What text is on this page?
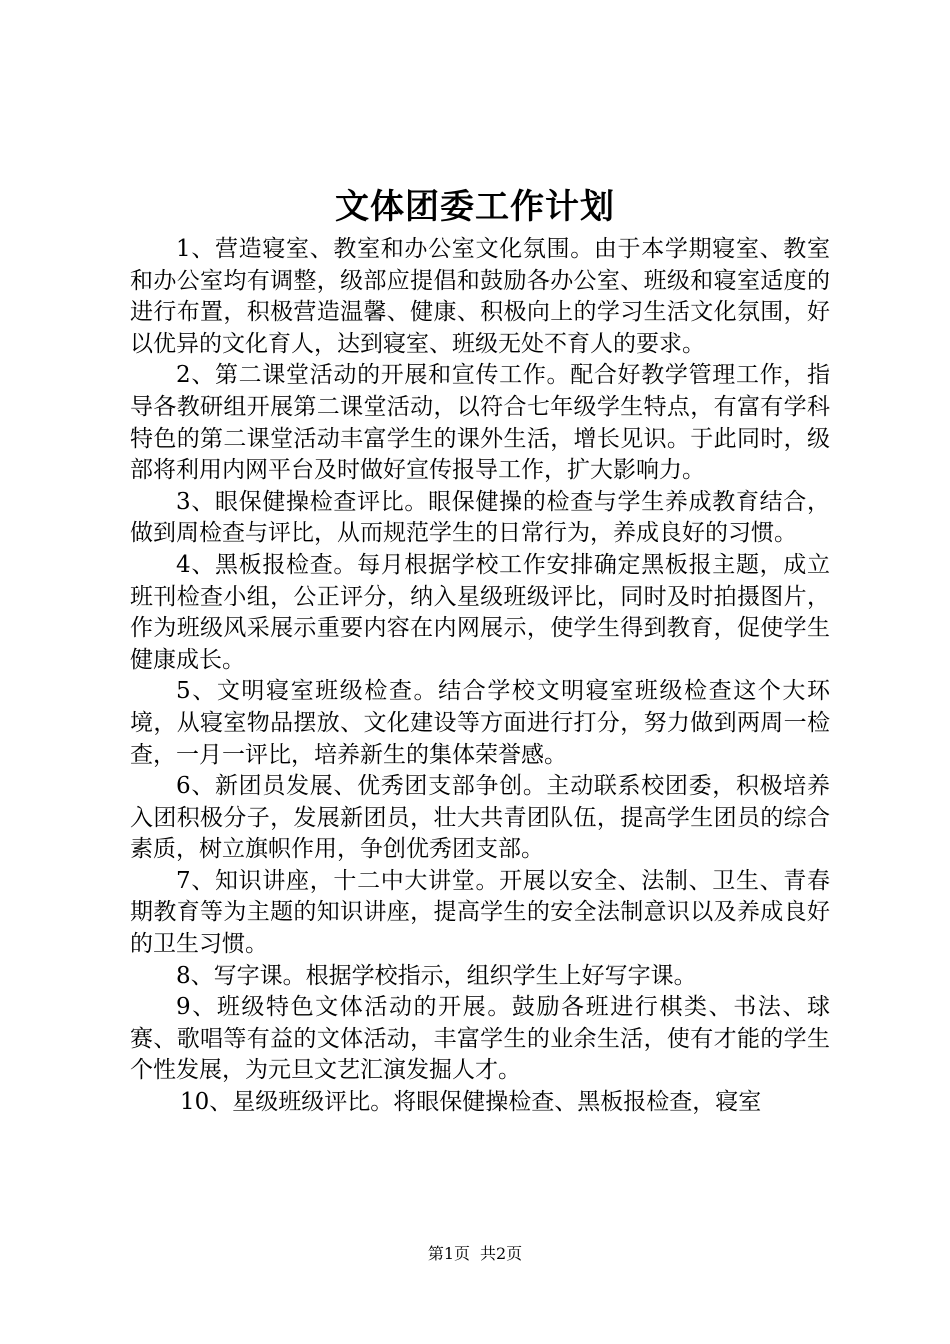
文体团委工作计划

1、营造寝室、教室和办公室文化氛围。由于本学期寝室、教室和办公室均有调整，级部应提倡和鼓励各办公室、班级和寝室适度的进行布置，积极营造温馨、健康、积极向上的学习生活文化氛围，好以优异的文化育人，达到寝室、班级无处不育人的要求。

2、第二课堂活动的开展和宣传工作。配合好教学管理工作，指导各教研组开展第二课堂活动，以符合七年级学生特点，有富有学科特色的第二课堂活动丰富学生的课外生活，增长见识。于此同时，级部将利用内网平台及时做好宣传报导工作，扩大影响力。

3、眼保健操检查评比。眼保健操的检查与学生养成教育结合，做到周检查与评比，从而规范学生的日常行为，养成良好的习惯。

4、黑板报检查。每月根据学校工作安排确定黑板报主题，成立班刊检查小组，公正评分，纳入星级班级评比，同时及时拍摄图片，作为班级风采展示重要内容在内网展示，使学生得到教育，促使学生健康成长。

5、文明寝室班级检查。结合学校文明寝室班级检查这个大环境，从寝室物品摆放、文化建设等方面进行打分，努力做到两周一检查，一月一评比，培养新生的集体荣誉感。

6、新团员发展、优秀团支部争创。主动联系校团委，积极培养入团积极分子，发展新团员，壮大共青团队伍，提高学生团员的综合素质，树立旗帜作用，争创优秀团支部。

7、知识讲座，十二中大讲堂。开展以安全、法制、卫生、青春期教育等为主题的知识讲座，提高学生的安全法制意识以及养成良好的卫生习惯。

8、写字课。根据学校指示，组织学生上好写字课。

9、班级特色文体活动的开展。鼓励各班进行棋类、书法、球赛、歌唱等有益的文体活动，丰富学生的业余生活，使有才能的学生个性发展，为元旦文艺汇演发掘人才。

10、星级班级评比。将眼保健操检查、黑板报检查，寝室

第1页 共2页
